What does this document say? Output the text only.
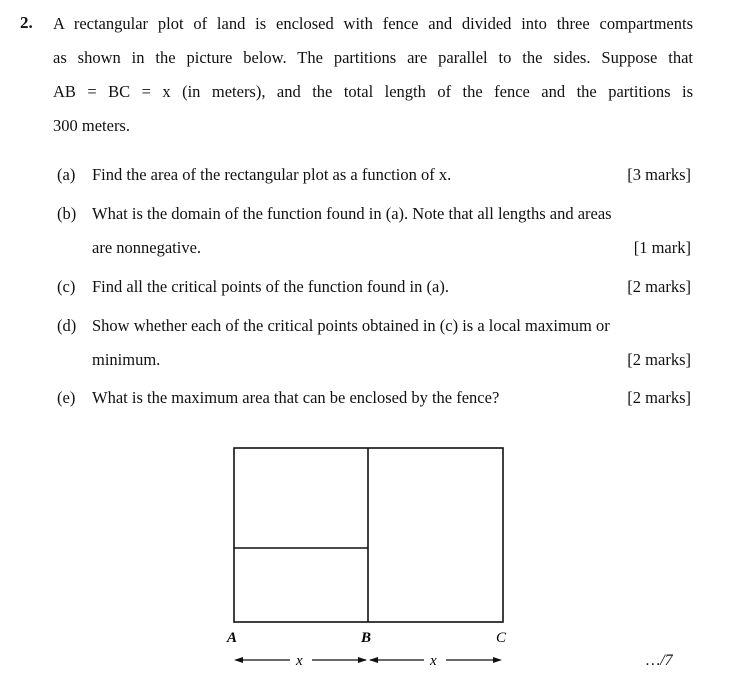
2. A rectangular plot of land is enclosed with fence and divided into three compartments
as shown in the picture below. The partitions are parallel to the sides. Suppose that
AB = BC = x (in meters), and the total length of the fence and the partitions is
300 meters.
(a) Find the area of the rectangular plot as a function of x.	[3 marks]
(b) What is the domain of the function found in (a). Note that all lengths and areas
are nonnegative.	[1 mark]
(c) Find all the critical points of the function found in (a).	[2 marks]
(d) Show whether each of the critical points obtained in (c) is a local maximum or
minimum.	[2 marks]
(e) What is the maximum area that can be enclosed by the fence?	[2 marks]
A	B	C
x	x	…/7
